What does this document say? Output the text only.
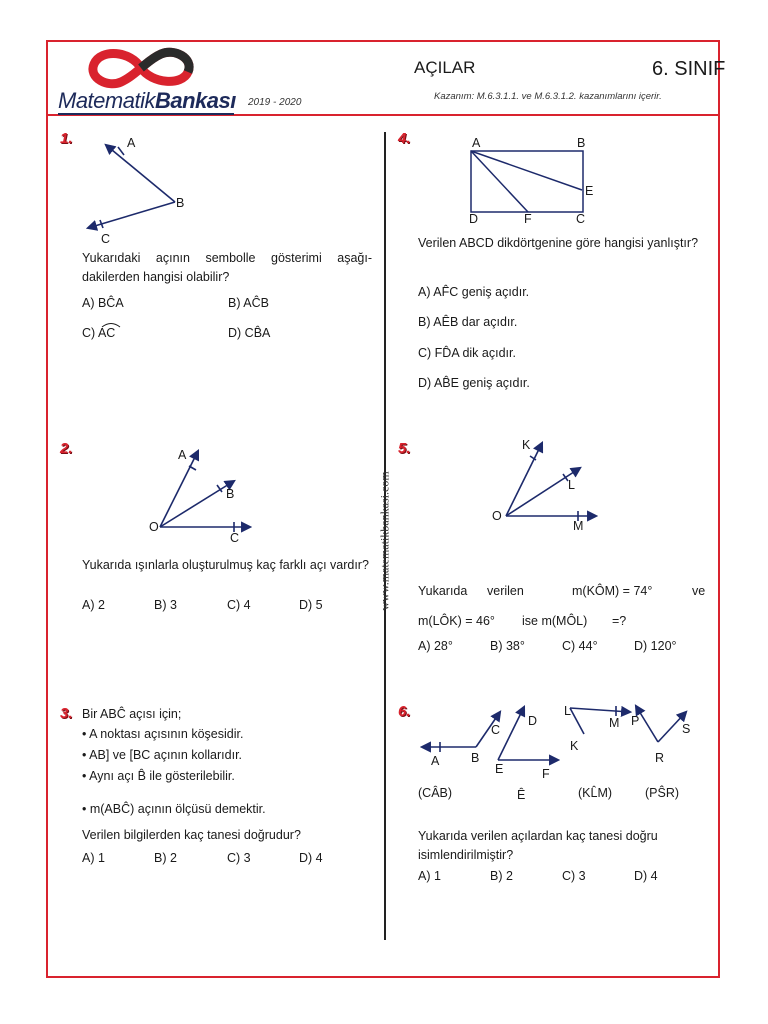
MatematikBankası 2019 - 2020
AÇILAR	6. SINIF
Kazanım: M.6.3.1.1. ve M.6.3.1.2. kazanımlarını içerir.
www.matematikbankasi.com
1.	A
B
C
Yukarıdaki açının sembolle gösterimi aşağı-dakilerden hangisi olabilir?
A) BĈA	B) AĈB
C) AC	D) CB̂A
2.	A
B
O
C
Yukarıda ışınlarla oluşturulmuş kaç farklı açı vardır?
A) 2	B) 3	C) 4	D) 5
3. Bir ABĈ açısı için;
• A noktası açısının köşesidir.
• AB] ve [BC açının kollarıdır.
• Aynı açı B̂ ile gösterilebilir.
• m(ABĈ) açının ölçüsü demektir.
Verilen bilgilerden kaç tanesi doğrudur?
A) 1	B) 2	C) 3	D) 4
4.	A	B
E
D	F	C
Verilen ABCD dikdörtgenine göre hangisi yanlıştır?
A) AF̂C geniş açıdır.
B) AÊB dar açıdır.
C) FD̂A dik açıdır.
D) AB̂E geniş açıdır.
5.	K
L
O
M
Yukarıda verilen	m(KÔM) = 74°	ve
m(LÔK) = 46° ise m(MÔL) =?
A) 28°	B) 38°	C) 44°	D) 120°
6.
A	B
C
D
E	F
L
M
K
P
R
S
(CÂB)	Ê	(KL̂M)	(PŜR)
Yukarıda verilen açılardan kaç tanesi doğru isimlendirilmiştir?
A) 1	B) 2	C) 3	D) 4
